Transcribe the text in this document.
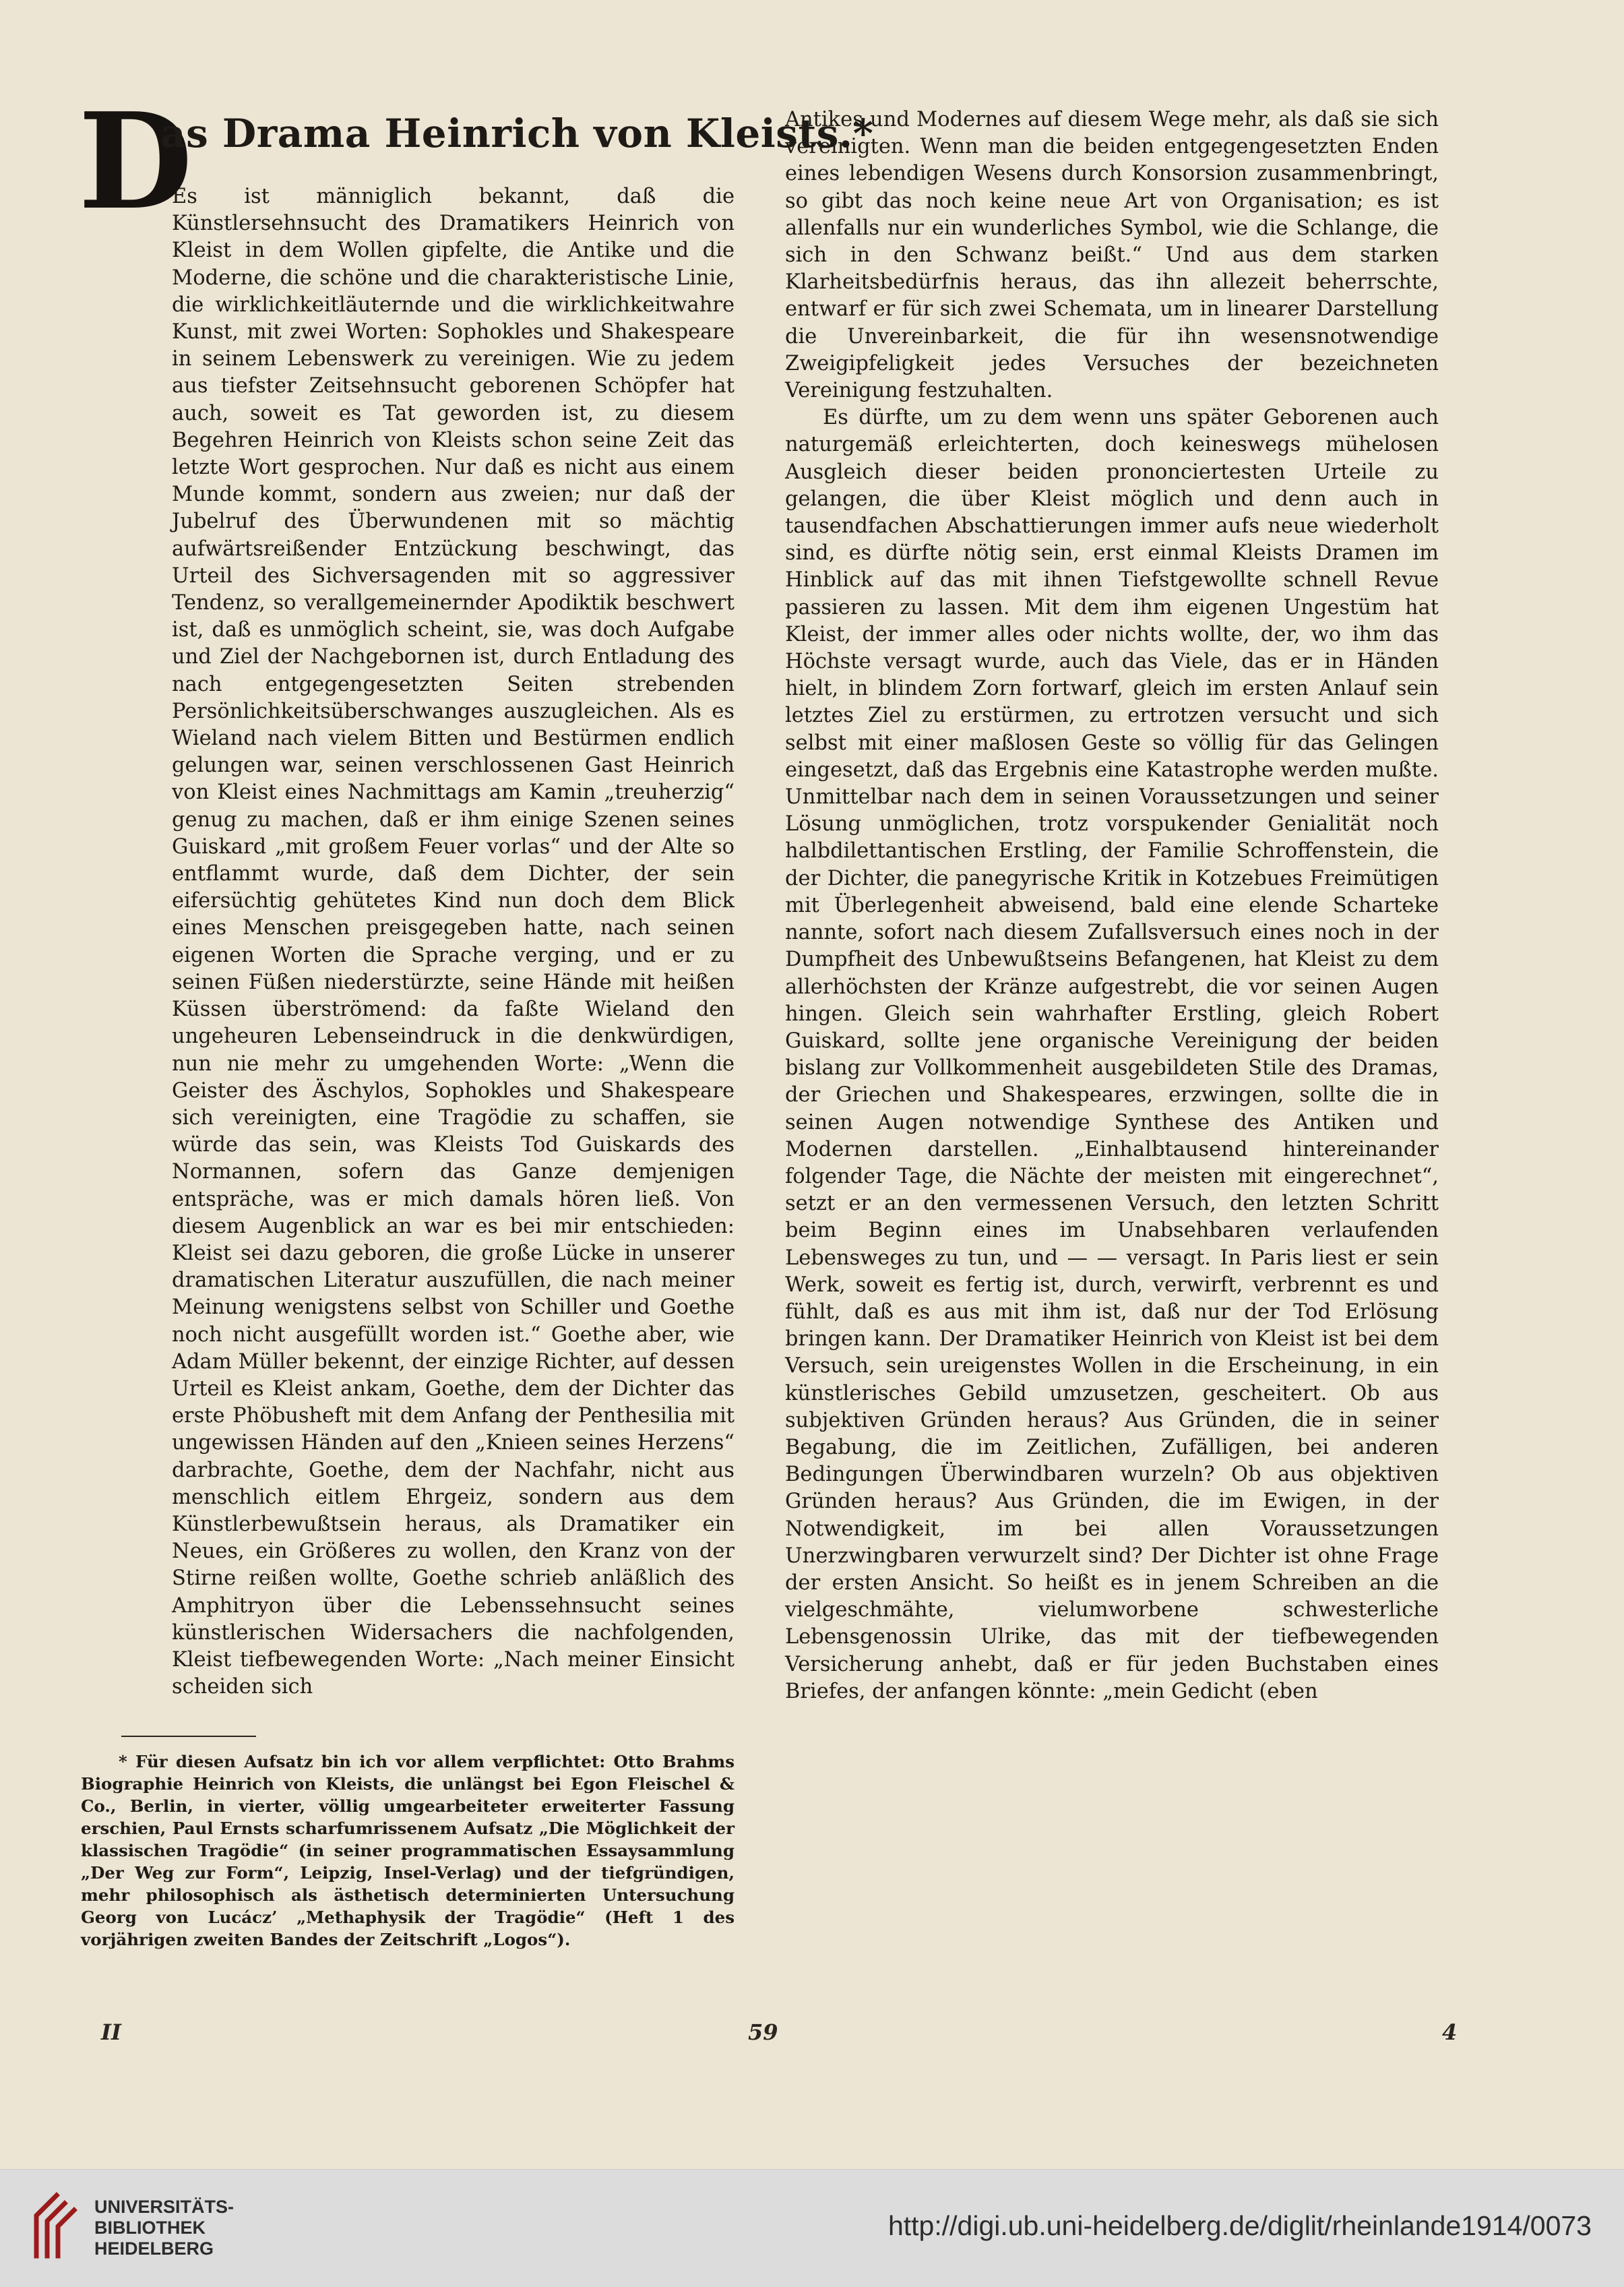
D
as Drama Heinrich von Kleists.*

Es ist männiglich bekannt, daß die Künstlersehnsucht des Dramatikers Heinrich von Kleist in dem Wollen gipfelte, die Antike und die Moderne, die schöne und die charakteristische Linie, die wirklichkeitläuternde und die wirklichkeitwahre Kunst, mit zwei Worten: Sophokles und Shakespeare in seinem Lebenswerk zu vereinigen. Wie zu jedem aus tiefster Zeitsehnsucht geborenen Schöpfer hat auch, soweit es Tat geworden ist, zu diesem Begehren Heinrich von Kleists schon seine Zeit das letzte Wort gesprochen. Nur daß es nicht aus einem Munde kommt, sondern aus zweien; nur daß der Jubelruf des Überwundenen mit so mächtig aufwärtsreißender Entzückung beschwingt, das Urteil des Sichversagenden mit so aggressiver Tendenz, so verallgemeinernder Apodiktik beschwert ist, daß es unmöglich scheint, sie, was doch Aufgabe und Ziel der Nachgebornen ist, durch Entladung des nach entgegengesetzten Seiten strebenden Persönlichkeitsüberschwanges auszugleichen. Als es Wieland nach vielem Bitten und Bestürmen endlich gelungen war, seinen verschlossenen Gast Heinrich von Kleist eines Nachmittags am Kamin „treuherzig“ genug zu machen, daß er ihm einige Szenen seines Guiskard „mit großem Feuer vorlas“ und der Alte so entflammt wurde, daß dem Dichter, der sein eifersüchtig gehütetes Kind nun doch dem Blick eines Menschen preisgegeben hatte, nach seinen eigenen Worten die Sprache verging, und er zu seinen Füßen niederstürzte, seine Hände mit heißen Küssen überströmend: da faßte Wieland den ungeheuren Lebenseindruck in die denkwürdigen, nun nie mehr zu umgehenden Worte: „Wenn die Geister des Äschylos, Sophokles und Shakespeare sich vereinigten, eine Tragödie zu schaffen, sie würde das sein, was Kleists Tod Guiskards des Normannen, sofern das Ganze demjenigen entspräche, was er mich damals hören ließ. Von diesem Augenblick an war es bei mir entschieden: Kleist sei dazu geboren, die große Lücke in unserer dramatischen Literatur auszufüllen, die nach meiner Meinung wenigstens selbst von Schiller und Goethe noch nicht ausgefüllt worden ist.“ Goethe aber, wie Adam Müller bekennt, der einzige Richter, auf dessen Urteil es Kleist ankam, Goethe, dem der Dichter das erste Phöbusheft mit dem Anfang der Penthesilia mit ungewissen Händen auf den „Knieen seines Herzens“ darbrachte, Goethe, dem der Nachfahr, nicht aus menschlich eitlem Ehrgeiz, sondern aus dem Künstlerbewußtsein heraus, als Dramatiker ein Neues, ein Größeres zu wollen, den Kranz von der Stirne reißen wollte, Goethe schrieb anläßlich des Amphitryon über die Lebenssehnsucht seines künstlerischen Widersachers die nachfolgenden, Kleist tiefbewegenden Worte: „Nach meiner Einsicht scheiden sich

* Für diesen Aufsatz bin ich vor allem verpflichtet: Otto Brahms Biographie Heinrich von Kleists, die unlängst bei Egon Fleischel & Co., Berlin, in vierter, völlig umgearbeiteter erweiterter Fassung erschien, Paul Ernsts scharfumrissenem Aufsatz „Die Möglichkeit der klassischen Tragödie“ (in seiner programmatischen Essaysammlung „Der Weg zur Form“, Leipzig, Insel-Verlag) und der tiefgründigen, mehr philosophisch als ästhetisch determinierten Untersuchung Georg von Lucácz’ „Methaphysik der Tragödie“ (Heft 1 des vorjährigen zweiten Bandes der Zeitschrift „Logos“).

Antikes und Modernes auf diesem Wege mehr, als daß sie sich vereinigten. Wenn man die beiden entgegengesetzten Enden eines lebendigen Wesens durch Konsorsion zusammenbringt, so gibt das noch keine neue Art von Organisation; es ist allenfalls nur ein wunderliches Symbol, wie die Schlange, die sich in den Schwanz beißt.“ Und aus dem starken Klarheitsbedürfnis heraus, das ihn allezeit beherrschte, entwarf er für sich zwei Schemata, um in linearer Darstellung die Unvereinbarkeit, die für ihn wesensnotwendige Zweigipfeligkeit jedes Versuches der bezeichneten Vereinigung festzuhalten.

Es dürfte, um zu dem wenn uns später Geborenen auch naturgemäß erleichterten, doch keineswegs mühelosen Ausgleich dieser beiden prononciertesten Urteile zu gelangen, die über Kleist möglich und denn auch in tausendfachen Abschattierungen immer aufs neue wiederholt sind, es dürfte nötig sein, erst einmal Kleists Dramen im Hinblick auf das mit ihnen Tiefstgewollte schnell Revue passieren zu lassen. Mit dem ihm eigenen Ungestüm hat Kleist, der immer alles oder nichts wollte, der, wo ihm das Höchste versagt wurde, auch das Viele, das er in Händen hielt, in blindem Zorn fortwarf, gleich im ersten Anlauf sein letztes Ziel zu erstürmen, zu ertrotzen versucht und sich selbst mit einer maßlosen Geste so völlig für das Gelingen eingesetzt, daß das Ergebnis eine Katastrophe werden mußte. Unmittelbar nach dem in seinen Voraussetzungen und seiner Lösung unmöglichen, trotz vorspukender Genialität noch halbdilettantischen Erstling, der Familie Schroffenstein, die der Dichter, die panegyrische Kritik in Kotzebues Freimütigen mit Überlegenheit abweisend, bald eine elende Scharteke nannte, sofort nach diesem Zufallsversuch eines noch in der Dumpfheit des Unbewußtseins Befangenen, hat Kleist zu dem allerhöchsten der Kränze aufgestrebt, die vor seinen Augen hingen. Gleich sein wahrhafter Erstling, gleich Robert Guiskard, sollte jene organische Vereinigung der beiden bislang zur Vollkommenheit ausgebildeten Stile des Dramas, der Griechen und Shakespeares, erzwingen, sollte die in seinen Augen notwendige Synthese des Antiken und Modernen darstellen. „Einhalbtausend hintereinander folgender Tage, die Nächte der meisten mit eingerechnet“, setzt er an den vermessenen Versuch, den letzten Schritt beim Beginn eines im Unabsehbaren verlaufenden Lebensweges zu tun, und — — versagt. In Paris liest er sein Werk, soweit es fertig ist, durch, verwirft, verbrennt es und fühlt, daß es aus mit ihm ist, daß nur der Tod Erlösung bringen kann. Der Dramatiker Heinrich von Kleist ist bei dem Versuch, sein ureigenstes Wollen in die Erscheinung, in ein künstlerisches Gebild umzusetzen, gescheitert. Ob aus subjektiven Gründen heraus? Aus Gründen, die in seiner Begabung, die im Zeitlichen, Zufälligen, bei anderen Bedingungen Überwindbaren wurzeln? Ob aus objektiven Gründen heraus? Aus Gründen, die im Ewigen, in der Notwendigkeit, im bei allen Voraussetzungen Unerzwingbaren verwurzelt sind? Der Dichter ist ohne Frage der ersten Ansicht. So heißt es in jenem Schreiben an die vielgeschmähte, vielumworbene schwesterliche Lebensgenossin Ulrike, das mit der tiefbewegenden Versicherung anhebt, daß er für jeden Buchstaben eines Briefes, der anfangen könnte: „mein Gedicht (eben

II	59	4
UNIVERSITÄTS-
BIBLIOTHEK
HEIDELBERG
http://digi.ub.uni-heidelberg.de/diglit/rheinlande1914/0073
